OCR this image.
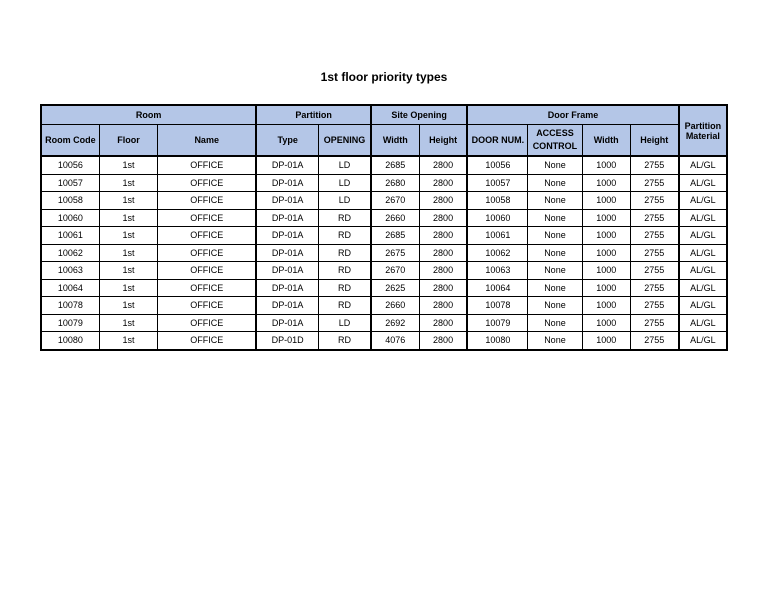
1st floor priority types
Room			Partition		Site Opening		Door Frame				Partition Material
Room Code	Floor	Name	Type	OPENING	Width	Height	DOOR NUM.	ACCESS CONTROL	Width	Height	
10056	1st	OFFICE	DP-01A	LD	2685	2800	10056	None	1000	2755	AL/GL
10057	1st	OFFICE	DP-01A	LD	2680	2800	10057	None	1000	2755	AL/GL
10058	1st	OFFICE	DP-01A	LD	2670	2800	10058	None	1000	2755	AL/GL
10060	1st	OFFICE	DP-01A	RD	2660	2800	10060	None	1000	2755	AL/GL
10061	1st	OFFICE	DP-01A	RD	2685	2800	10061	None	1000	2755	AL/GL
10062	1st	OFFICE	DP-01A	RD	2675	2800	10062	None	1000	2755	AL/GL
10063	1st	OFFICE	DP-01A	RD	2670	2800	10063	None	1000	2755	AL/GL
10064	1st	OFFICE	DP-01A	RD	2625	2800	10064	None	1000	2755	AL/GL
10078	1st	OFFICE	DP-01A	RD	2660	2800	10078	None	1000	2755	AL/GL
10079	1st	OFFICE	DP-01A	LD	2692	2800	10079	None	1000	2755	AL/GL
10080	1st	OFFICE	DP-01D	RD	4076	2800	10080	None	1000	2755	AL/GL
